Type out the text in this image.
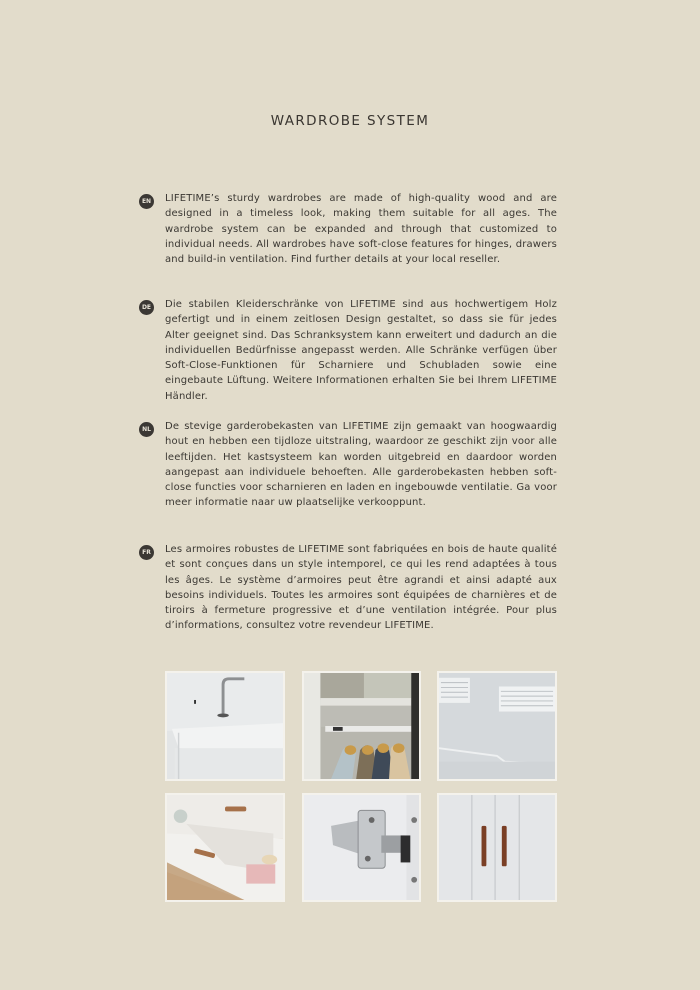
WARDROBE SYSTEM
EN LIFETIME’s sturdy wardrobes are made of high-quality wood and are designed in a timeless look, making them suitable for all ages. The wardrobe system can be expanded and through that customized to individual needs. All wardrobes have soft-close features for hinges, drawers and build-in ventilation. Find further details at your local reseller.

DE Die stabilen Kleiderschränke von LIFETIME sind aus hochwertigem Holz gefertigt und in einem zeitlosen Design gestaltet, so dass sie für jedes Alter geeignet sind. Das Schranksystem kann erweitert und dadurch an die individuellen Bedürfnisse angepasst werden. Alle Schränke verfügen über Soft-Close-Funktionen für Scharniere und Schubladen sowie eine eingebaute Lüftung. Weitere Informationen erhalten Sie bei Ihrem LIFETIME Händler.

NL	De stevige garderobekasten van LIFETIME zijn gemaakt van hoogwaardig hout en hebben een tijdloze uitstraling, waardoor ze geschikt zijn voor alle leeftijden. Het kastsysteem kan worden uitgebreid en daardoor worden aangepast aan individuele behoeften. Alle garderobekasten hebben soft-close functies voor scharnieren en laden en ingebouwde ventilatie. Ga voor meer informatie naar uw plaatselijke verkooppunt.

FR	Les armoires robustes de LIFETIME sont fabriquées en bois de haute qualité et sont conçues dans un style intemporel, ce qui les rend adaptées à tous les âges. Le système d’armoires peut être agrandi et ainsi adapté aux besoins individuels. Toutes les armoires sont équipées de charnières et de tiroirs à fermeture progressive et d’une ventilation intégrée. Pour plus d’informations, consultez votre revendeur LIFETIME.
